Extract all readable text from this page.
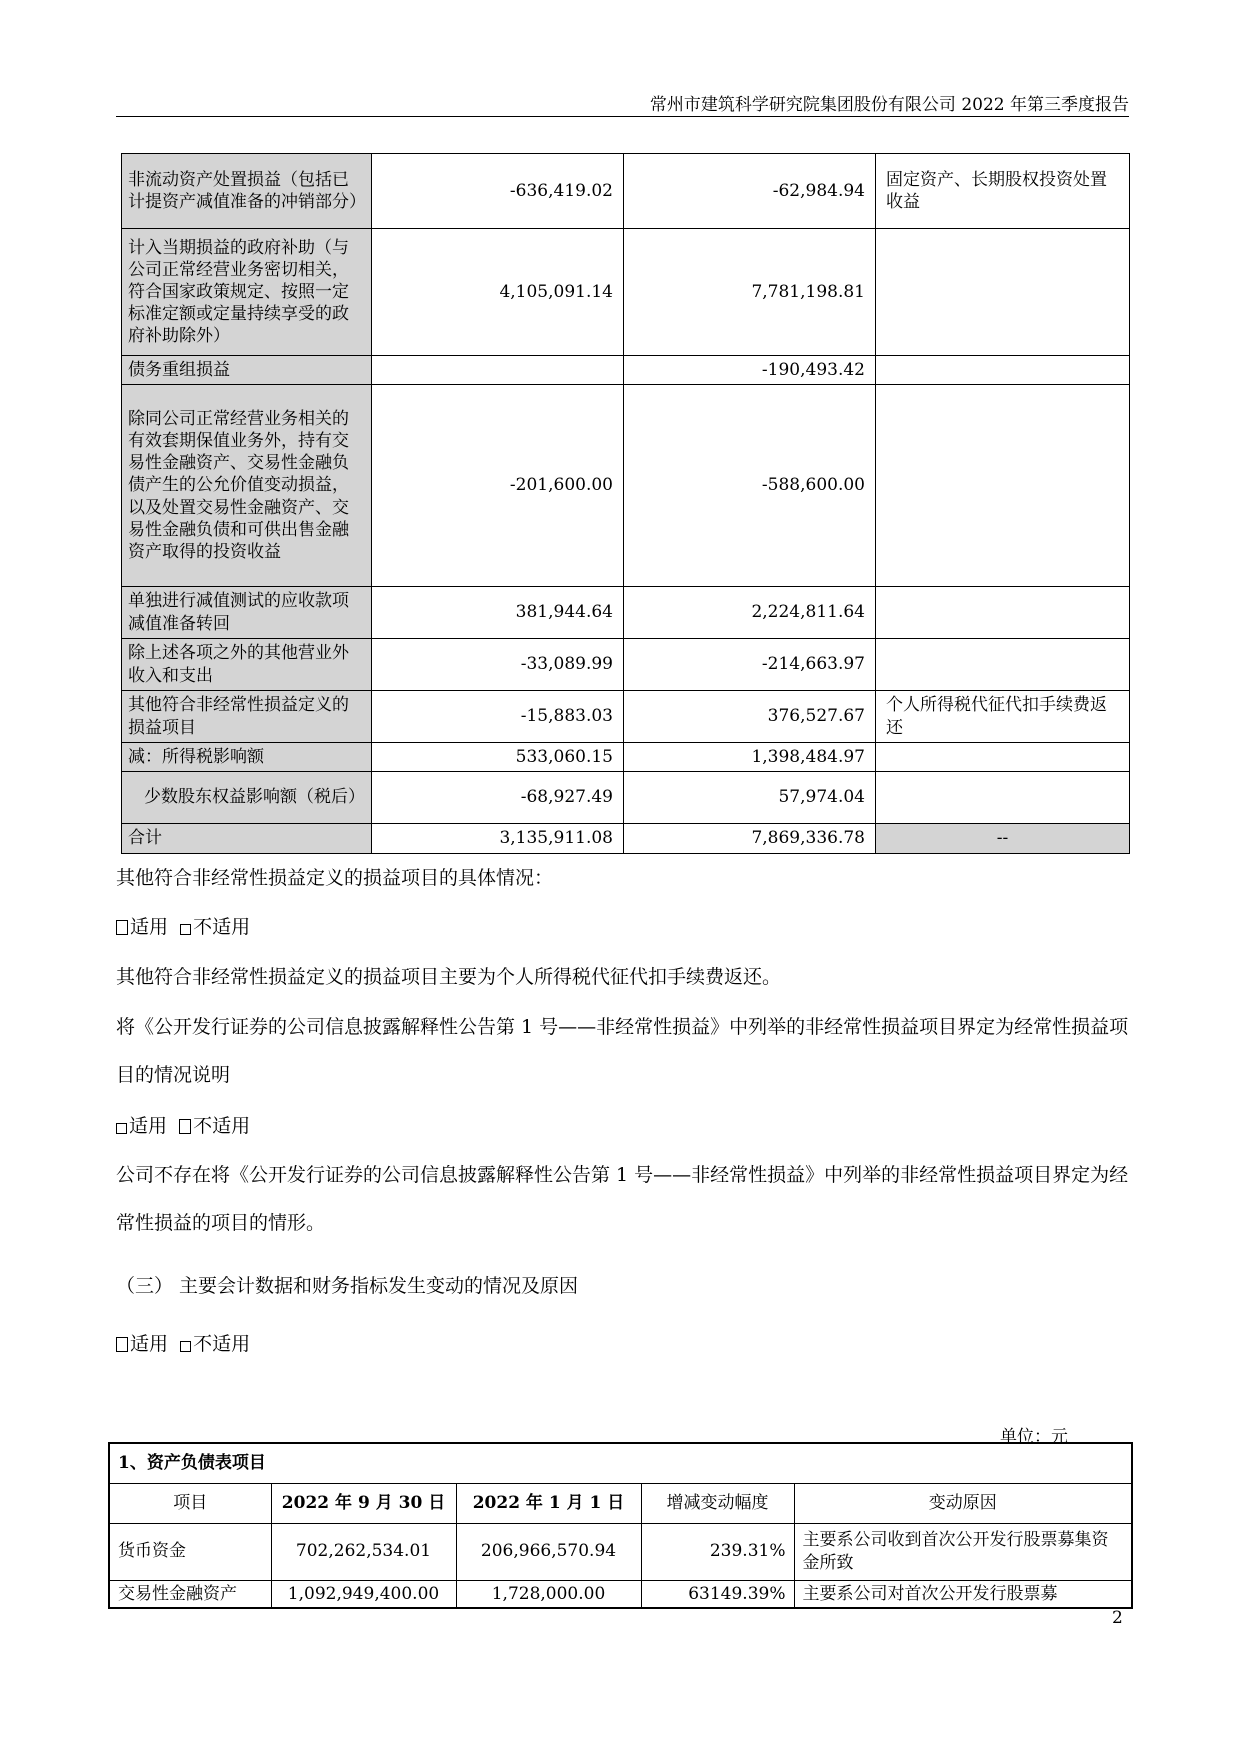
常州市建筑科学研究院集团股份有限公司 2022 年第三季度报告
非流动资产处置损益（包括已计提资产减值准备的冲销部分）	-636,419.02	-62,984.94	固定资产、长期股权投资处置收益
计入当期损益的政府补助（与公司正常经营业务密切相关，符合国家政策规定、按照一定标准定额或定量持续享受的政府补助除外）	4,105,091.14	7,781,198.81	
债务重组损益		-190,493.42	
除同公司正常经营业务相关的有效套期保值业务外，持有交易性金融资产、交易性金融负债产生的公允价值变动损益，以及处置交易性金融资产、交易性金融负债和可供出售金融资产取得的投资收益	-201,600.00	-588,600.00	
单独进行减值测试的应收款项减值准备转回	381,944.64	2,224,811.64	
除上述各项之外的其他营业外收入和支出	-33,089.99	-214,663.97	
其他符合非经常性损益定义的损益项目	-15,883.03	376,527.67	个人所得税代征代扣手续费返还
减：所得税影响额	533,060.15	1,398,484.97	
少数股东权益影响额（税后）	-68,927.49	57,974.04	
合计	3,135,911.08	7,869,336.78	--
其他符合非经常性损益定义的损益项目的具体情况：
适用 不适用
其他符合非经常性损益定义的损益项目主要为个人所得税代征代扣手续费返还。
将《公开发行证券的公司信息披露解释性公告第 1 号——非经常性损益》中列举的非经常性损益项目界定为经常性损益项目的情况说明
适用 不适用
公司不存在将《公开发行证券的公司信息披露解释性公告第 1 号——非经常性损益》中列举的非经常性损益项目界定为经常性损益的项目的情形。
（三） 主要会计数据和财务指标发生变动的情况及原因
适用 不适用
单位：元
1、资产负债表项目				
项目	2022 年 9 月 30 日	2022 年 1 月 1 日	增减变动幅度	变动原因
货币资金	702,262,534.01	206,966,570.94	239.31%	主要系公司收到首次公开发行股票募集资金所致
交易性金融资产	1,092,949,400.00	1,728,000.00	63149.39%	主要系公司对首次公开发行股票募
2
